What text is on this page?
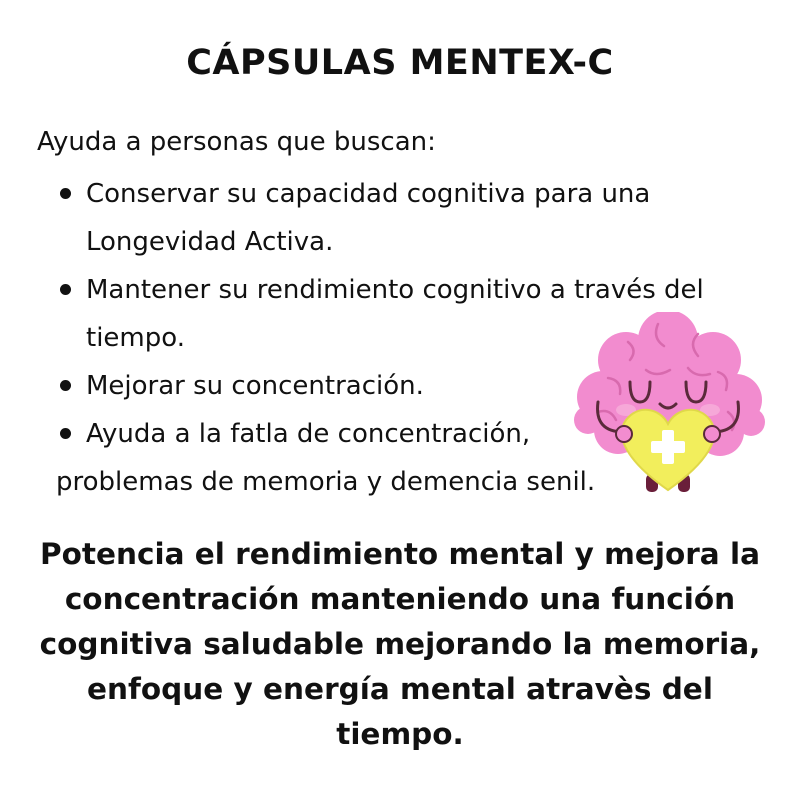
CÁPSULAS MENTEX-C

Ayuda a personas que buscan:

Conservar su capacidad cognitiva para una Longevidad Activa.
Mantener su rendimiento cognitivo a través del tiempo.
Mejorar su concentración.
Ayuda a la fatla de concentración,
problemas de memoria y demencia senil.

Potencia el rendimiento mental y mejora la concentración manteniendo una función cognitiva saludable mejorando la memoria, enfoque y energía mental atravès del tiempo.
